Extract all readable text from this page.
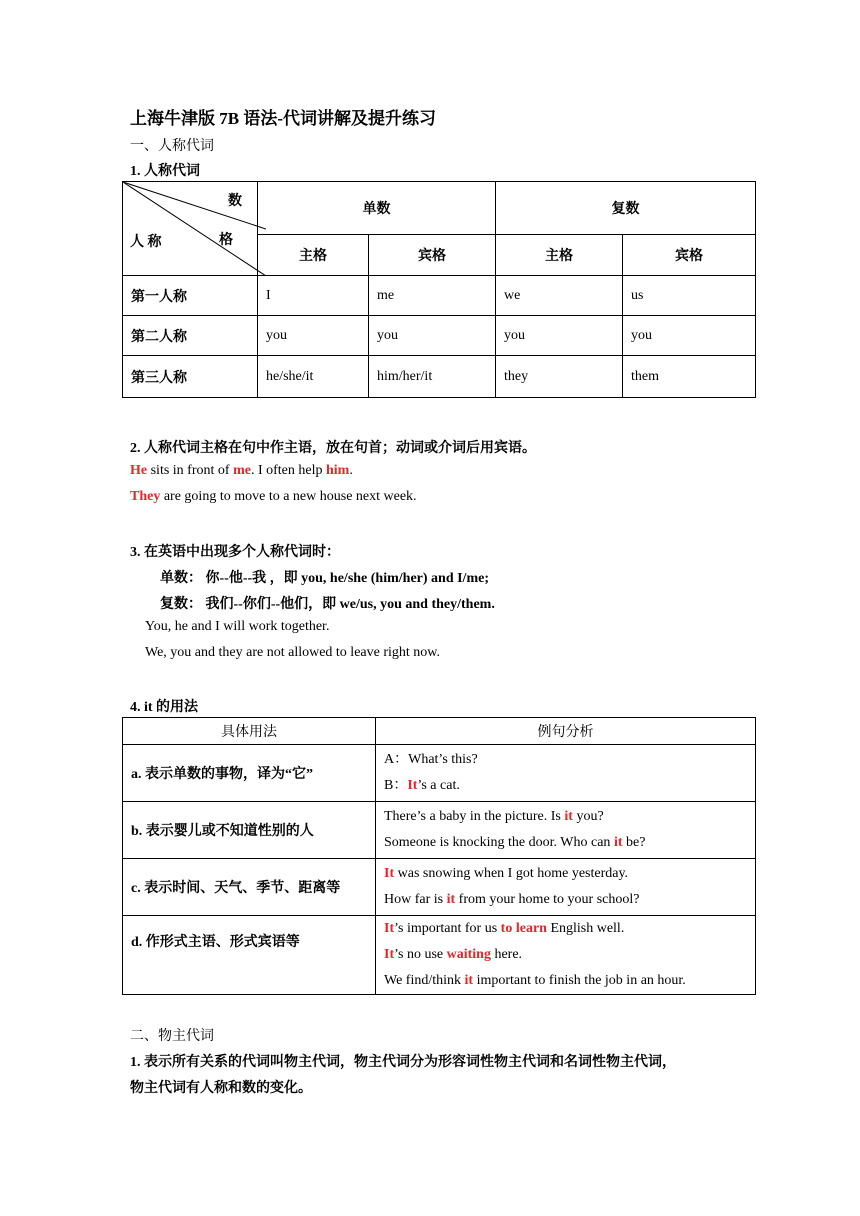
上海牛津版 7B 语法-代词讲解及提升练习
一、人称代词
1. 人称代词
数
人 称 格	单数		复数	
	主格	宾格	主格	宾格
第一人称	I	me	we	us
第二人称	you	you	you	you
第三人称	he/she/it	him/her/it	they	them
2. 人称代词主格在句中作主语，放在句首；动词或介词后用宾语。
He sits in front of me. I often help him.
They are going to move to a new house next week.
3. 在英语中出现多个人称代词时：
单数： 你--他--我 ，即 you, he/she (him/her) and I/me;
复数： 我们--你们--他们，即 we/us, you and they/them.
You, he and I will work together.
We, you and they are not allowed to leave right now.
4. it 的用法
具体用法	例句分析
a. 表示单数的事物，译为“它”	A：What’s this?
B：It’s a cat.

b. 表示婴儿或不知道性别的人	There’s a baby in the picture. Is it you?
Someone is knocking the door. Who can it be?

c. 表示时间、天气、季节、距离等	It was snowing when I got home yesterday.
How far is it from your home to your school?

d. 作形式主语、形式宾语等	It’s important for us to learn English well.
It’s no use waiting here.
We find/think it important to finish the job in an hour.
二、物主代词
1. 表示所有关系的代词叫物主代词，物主代词分为形容词性物主代词和名词性物主代词，
物主代词有人称和数的变化。
